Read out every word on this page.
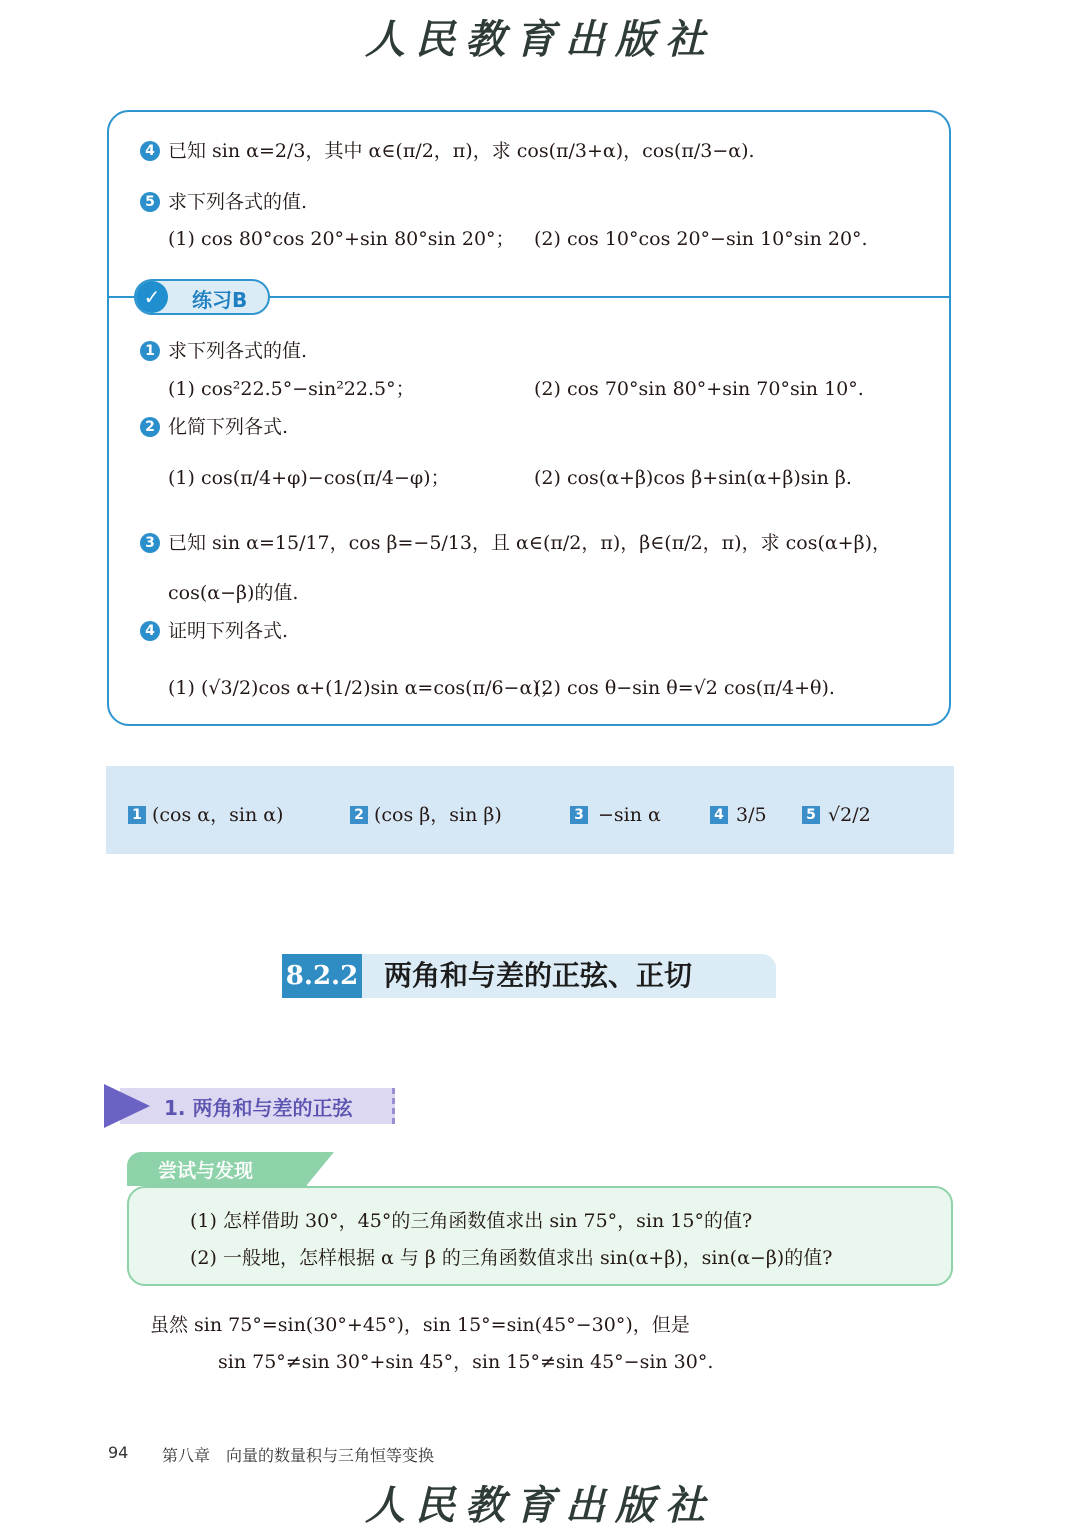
人民教育出版社
4 已知 sin α=2/3，其中 α∈(π/2，π)，求 cos(π/3+α)，cos(π/3−α).
5 求下列各式的值.
(1) cos 80°cos 20°+sin 80°sin 20°； (2) cos 10°cos 20°−sin 10°sin 20°.
✓	练习B
1 求下列各式的值.
(1) cos²22.5°−sin²22.5°；	(2) cos 70°sin 80°+sin 70°sin 10°.
2 化简下列各式.
(1) cos(π/4+φ)−cos(π/4−φ)；	(2) cos(α+β)cos β+sin(α+β)sin β.
3 已知 sin α=15/17，cos β=−5/13，且 α∈(π/2，π)，β∈(π/2，π)，求 cos(α+β)，
cos(α−β)的值.
4 证明下列各式.
(1) (√3/2)cos α+(1/2)sin α=cos(π/6−α)；
(2) cos θ−sin θ=√2 cos(π/4+θ).
1 (cos α，sin α)	2 (cos β，sin β)	3 −sin α	4 3/5	5 √2/2
8.2.2 两角和与差的正弦、正切
1. 两角和与差的正弦
尝试与发现
(1) 怎样借助 30°，45°的三角函数值求出 sin 75°，sin 15°的值?
(2) 一般地，怎样根据 α 与 β 的三角函数值求出 sin(α+β)，sin(α−β)的值?
虽然 sin 75°=sin(30°+45°)，sin 15°=sin(45°−30°)，但是
sin 75°≠sin 30°+sin 45°，sin 15°≠sin 45°−sin 30°.
94 第八章　向量的数量积与三角恒等变换
人民教育出版社
